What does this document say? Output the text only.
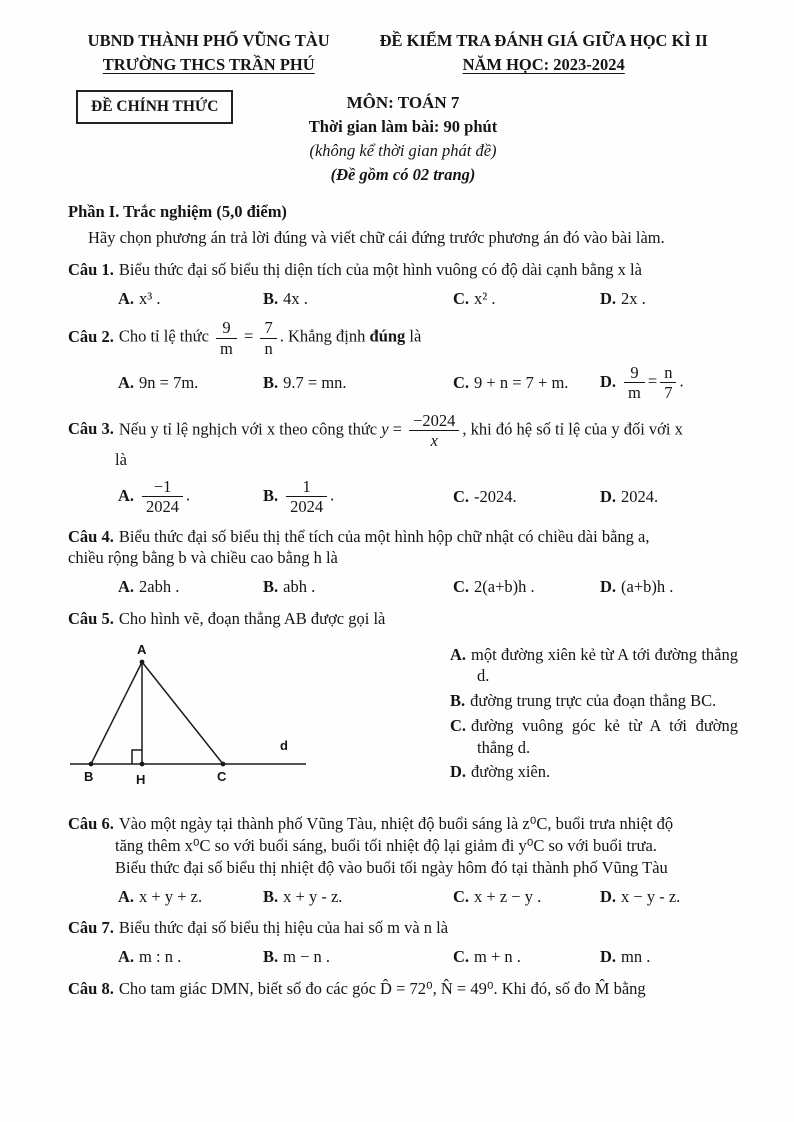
UBND THÀNH PHỐ VŨNG TÀU
TRƯỜNG THCS TRẦN PHÚ
ĐỀ KIỂM TRA ĐÁNH GIÁ GIỮA HỌC KÌ II
NĂM HỌC: 2023-2024
ĐỀ CHÍNH THỨC	MÔN: TOÁN 7
Thời gian làm bài: 90 phút
(không kể thời gian phát đề)
(Đề gồm có 02 trang)
Phần I. Trắc nghiệm (5,0 điểm)
Hãy chọn phương án trả lời đúng và viết chữ cái đứng trước phương án đó vào bài làm.

Câu 1. Biểu thức đại số biểu thị diện tích của một hình vuông có độ dài cạnh bằng x là

A. x³ .	B. 4x .	C. x² .	D. 2x .

Câu 2. Cho tỉ lệ thức $\frac{9}{m} = \frac{7}{n}$ . Khẳng định đúng là

A. 9n = 7m.	B. 9.7 = mn.	C. 9 + n = 7 + m.	D. $\frac{9}{m} = \frac{n}{7}$ .

Câu 3. Nếu y tỉ lệ nghịch với x theo công thức $y = \frac{-2024}{x}$ , khi đó hệ số tỉ lệ của y đối với x

là

A. $\frac{-1}{2024}$ .	B. $\frac{1}{2024}$ .	C. -2024.	D. 2024.

Câu 4. Biểu thức đại số biểu thị thể tích của một hình hộp chữ nhật có chiều dài bằng a,

chiều rộng bằng b và chiều cao bằng h là

A. 2abh .	B. abh .	C. 2(a+b)h .	D. (a+b)h .

Câu 5. Cho hình vẽ, đoạn thẳng AB được gọi là

A
B	H	C
d
A. một đường xiên kẻ từ A tới đường thẳng d.
B. đường trung trực của đoạn thẳng BC.
C. đường vuông góc kẻ từ A tới đường thẳng d.
D. đường xiên.

Câu 6. Vào một ngày tại thành phố Vũng Tàu, nhiệt độ buổi sáng là z⁰C, buổi trưa nhiệt độ

tăng thêm x⁰C so với buổi sáng, buổi tối nhiệt độ lại giảm đi y⁰C so với buổi trưa.

Biểu thức đại số biểu thị nhiệt độ vào buổi tối ngày hôm đó tại thành phố Vũng Tàu

A. x + y + z.	B. x + y - z.	C. x + z − y .	D. x − y - z.

Câu 7. Biểu thức đại số biểu thị hiệu của hai số m và n là

A. m : n .	B. m − n .	C. m + n .	D. mn .

Câu 8. Cho tam giác DMN, biết số đo các góc D̂ = 72⁰, N̂ = 49⁰. Khi đó, số đo M̂ bằng
